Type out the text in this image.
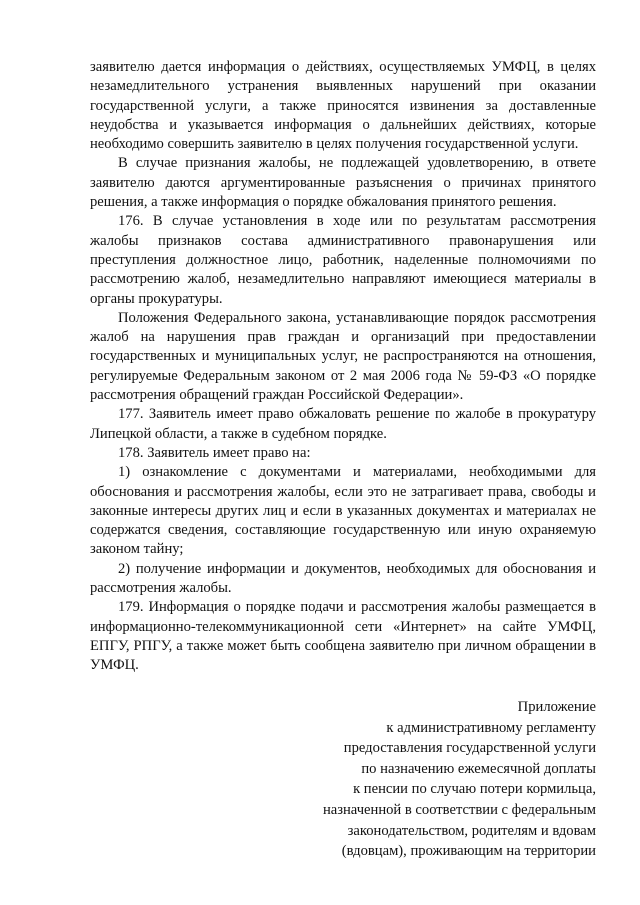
заявителю дается информация о действиях, осуществляемых УМФЦ, в целях незамедлительного устранения выявленных нарушений при оказании государственной услуги, а также приносятся извинения за доставленные неудобства и указывается информация о дальнейших действиях, которые необходимо совершить заявителю в целях получения государственной услуги.

В случае признания жалобы, не подлежащей удовлетворению, в ответе заявителю даются аргументированные разъяснения о причинах принятого решения, а также информация о порядке обжалования принятого решения.

176. В случае установления в ходе или по результатам рассмотрения жалобы признаков состава административного правонарушения или преступления должностное лицо, работник, наделенные полномочиями по рассмотрению жалоб, незамедлительно направляют имеющиеся материалы в органы прокуратуры.

Положения Федерального закона, устанавливающие порядок рассмотрения жалоб на нарушения прав граждан и организаций при предоставлении государственных и муниципальных услуг, не распространяются на отношения, регулируемые Федеральным законом от 2 мая 2006 года № 59-ФЗ «О порядке рассмотрения обращений граждан Российской Федерации».

177. Заявитель имеет право обжаловать решение по жалобе в прокуратуру Липецкой области, а также в судебном порядке.

178. Заявитель имеет право на:

1) ознакомление с документами и материалами, необходимыми для обоснования и рассмотрения жалобы, если это не затрагивает права, свободы и законные интересы других лиц и если в указанных документах и материалах не содержатся сведения, составляющие государственную или иную охраняемую законом тайну;

2) получение информации и документов, необходимых для обоснования и рассмотрения жалобы.

179. Информация о порядке подачи и рассмотрения жалобы размещается в информационно-телекоммуникационной сети «Интернет» на сайте УМФЦ, ЕПГУ, РПГУ, а также может быть сообщена заявителю при личном обращении в УМФЦ.

Приложение
к административному регламенту
предоставления государственной услуги
по назначению ежемесячной доплаты
к пенсии по случаю потери кормильца,
назначенной в соответствии с федеральным
законодательством, родителям и вдовам
(вдовцам), проживающим на территории
